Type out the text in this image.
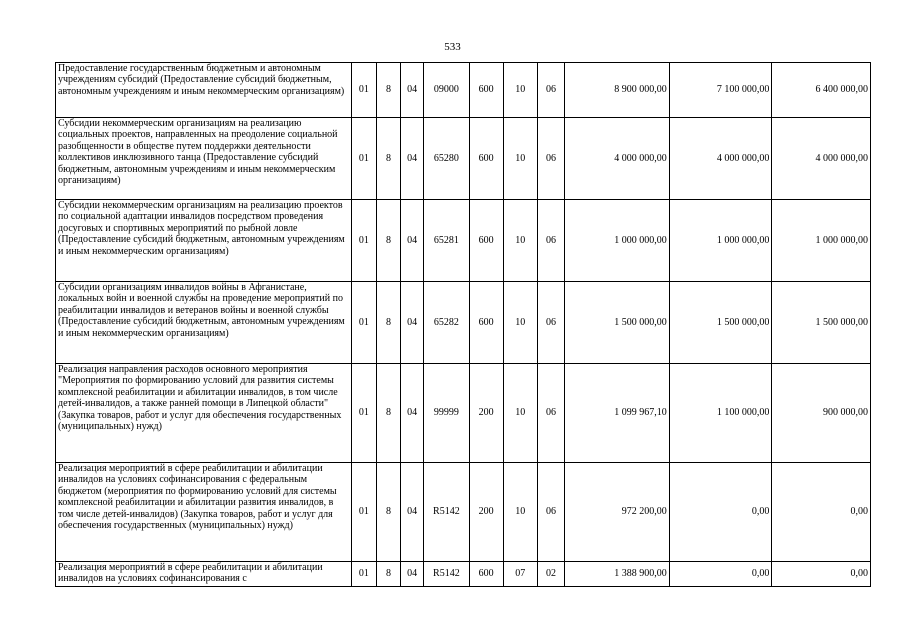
533
Предоставление государственным бюджетным и автономным учреждениям субсидий (Предоставление субсидий бюджетным, автономным учреждениям и иным некоммерческим организациям)	01	8	04	09000	600	10	06	8 900 000,00	7 100 000,00	6 400 000,00
Субсидии некоммерческим организациям на реализацию социальных проектов, направленных на преодоление социальной разобщенности в обществе путем поддержки деятельности коллективов инклюзивного танца (Предоставление субсидий бюджетным, автономным учреждениям и иным некоммерческим организациям)	01	8	04	65280	600	10	06	4 000 000,00	4 000 000,00	4 000 000,00
Субсидии некоммерческим организациям на реализацию проектов по социальной адаптации инвалидов посредством проведения досуговых и спортивных мероприятий по рыбной ловле (Предоставление субсидий бюджетным, автономным учреждениям и иным некоммерческим организациям)	01	8	04	65281	600	10	06	1 000 000,00	1 000 000,00	1 000 000,00
Субсидии организациям инвалидов войны в Афганистане, локальных войн и военной службы на проведение мероприятий по реабилитации инвалидов и ветеранов войны и военной службы (Предоставление субсидий бюджетным, автономным учреждениям и иным некоммерческим организациям)	01	8	04	65282	600	10	06	1 500 000,00	1 500 000,00	1 500 000,00
Реализация направления расходов основного мероприятия "Мероприятия по формированию условий для развития системы комплексной реабилитации и абилитации инвалидов, в том числе детей-инвалидов, а также ранней помощи в Липецкой области" (Закупка товаров, работ и услуг для обеспечения государственных (муниципальных) нужд)	01	8	04	99999	200	10	06	1 099 967,10	1 100 000,00	900 000,00
Реализация мероприятий в сфере реабилитации и абилитации инвалидов на условиях софинансирования с федеральным бюджетом (мероприятия по формированию условий для системы комплексной реабилитации и абилитации развития инвалидов, в том числе детей-инвалидов) (Закупка товаров, работ и услуг для обеспечения государственных (муниципальных) нужд)	01	8	04	R5142	200	10	06	972 200,00	0,00	0,00
Реализация мероприятий в сфере реабилитации и абилитации инвалидов на условиях софинансирования с	01	8	04	R5142	600	07	02	1 388 900,00	0,00	0,00
